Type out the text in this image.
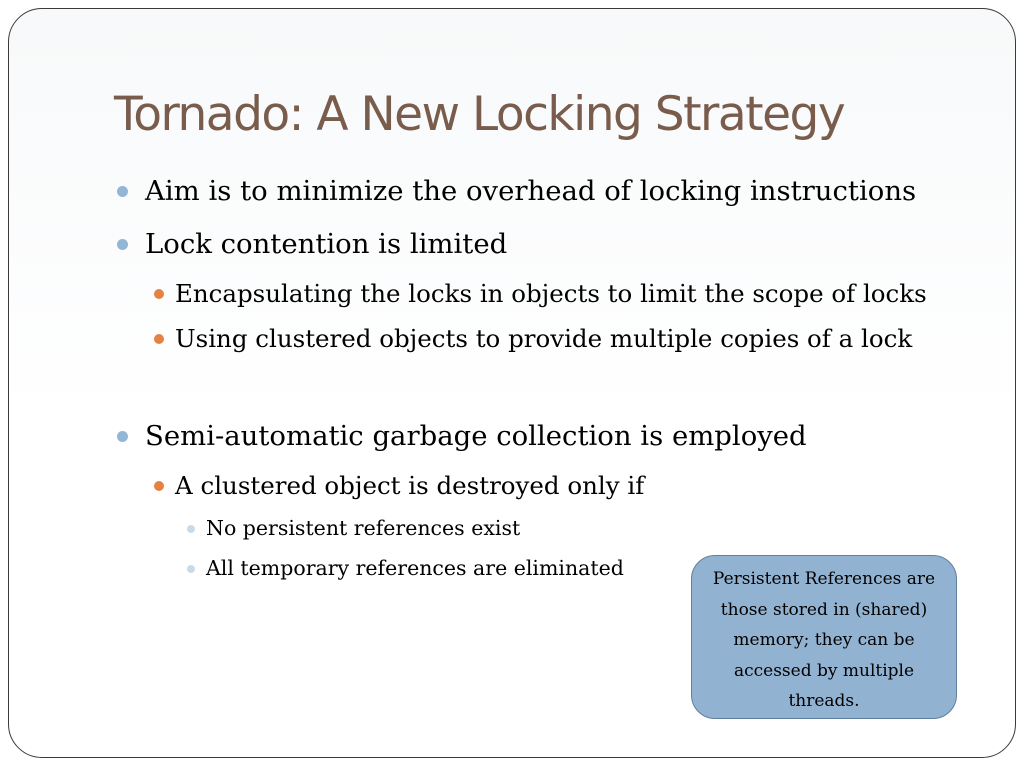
Tornado: A New Locking Strategy
Aim is to minimize the overhead of locking instructions
Lock contention is limited
Encapsulating the locks in objects to limit the scope of locks
Using clustered objects to provide multiple copies of a lock
Semi-automatic garbage collection is employed
A clustered object is destroyed only if
No persistent references exist
All temporary references are eliminated	Persistent References are those stored in (shared) memory; they can be accessed by multiple threads.
